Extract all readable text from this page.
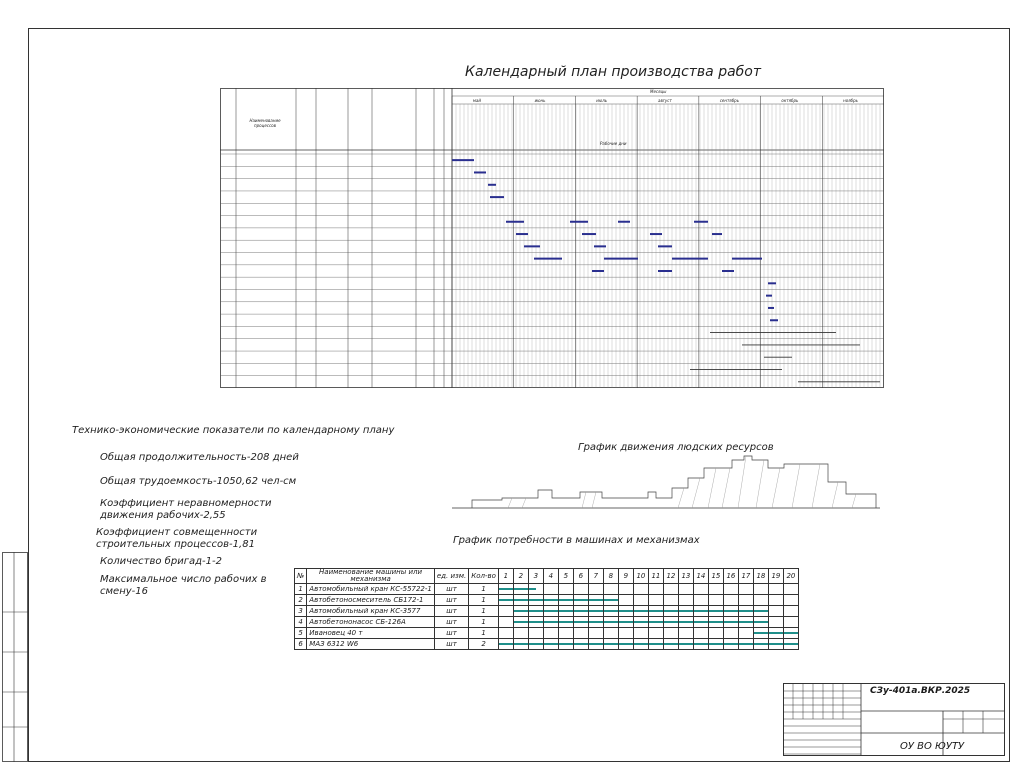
Календарный план производства работ
Наименование процессов
Месяцы
май	июнь	июль	август	сентябрь	октябрь	ноябрь
Рабочие дни
Технико-экономические показатели по календарному плану
Общая продолжительность-208 дней
Общая трудоемкость-1050,62 чел-см
Коэффициент неравномерности движения рабочих-2,55
Коэффициент совмещенности строительных процессов-1,81
Количество бригад-1-2
Максимальное число рабочих в смену-16
График движения людских ресурсов
График потребности в машинах и механизмах
№	Наименование машины или механизма	ед. изм.	Кол-во	1	2	3	4	5	6	7	8	9	10	11	12	13	14	15	16	17	18	19	20
1	Автомобильный кран КС-55722-1	шт	1	

2	Автобетоносмеситель СБ172-1	шт	1	

3	Автомобильный кран КС-3577	шт	1		

4	Автобетононасос СБ-126А	шт	1		

5	Ивановец 40 т	шт	1																		

6	МАЗ 6312 W6	шт	2	

СЗу-401а.ВКР.2025
ОУ ВО ЮУТУ
